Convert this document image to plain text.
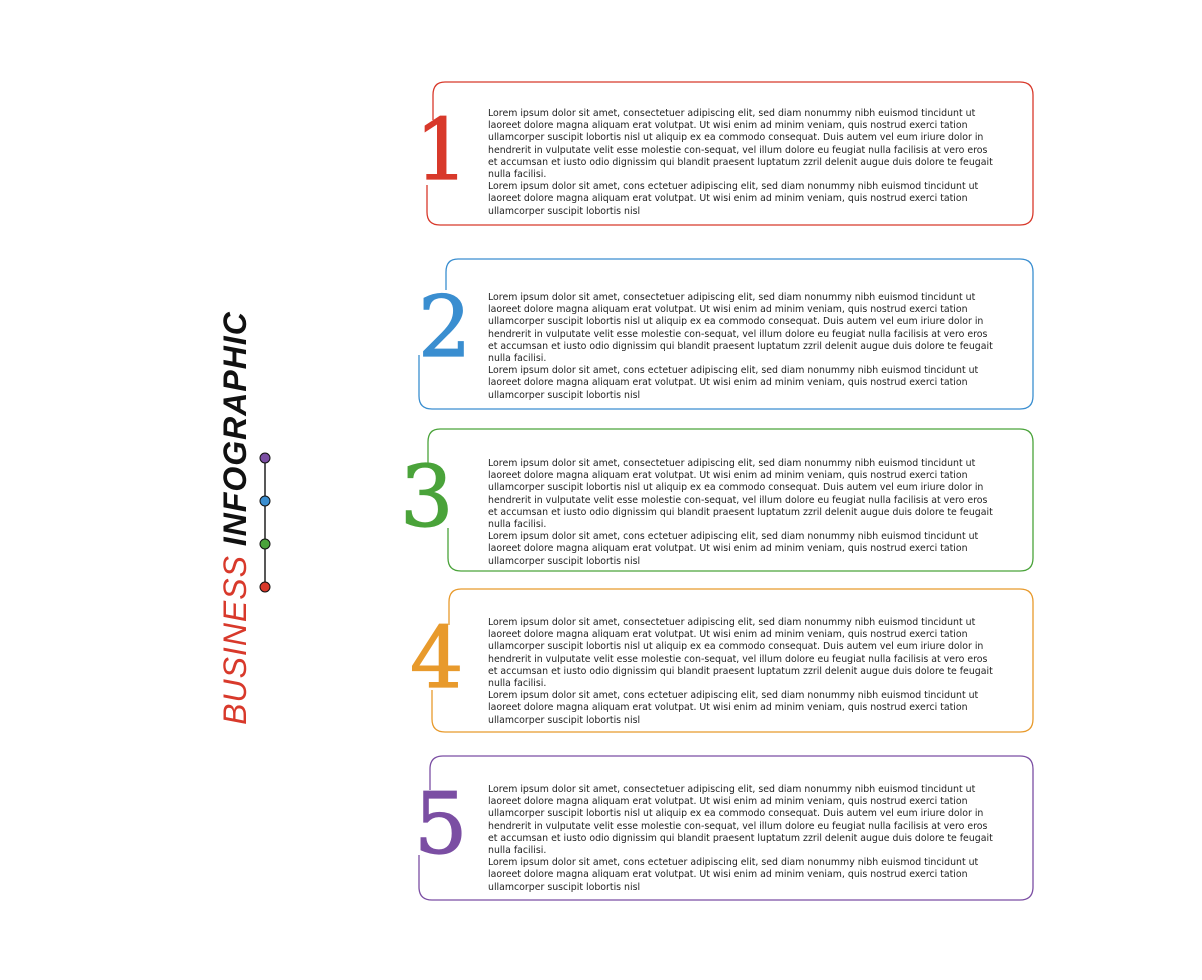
BUSINESS INFOGRAPHIC
1 Lorem ipsum dolor sit amet, consectetuer adipiscing elit, sed diam nonummy nibh euismod tincidunt ut laoreet dolore magna aliquam erat volutpat. Ut wisi enim ad minim veniam, quis nostrud exerci tation ullamcorper suscipit lobortis nisl ut aliquip ex ea commodo consequat. Duis autem vel eum iriure dolor in hendrerit in vulputate velit esse molestie con-sequat, vel illum dolore eu feugiat nulla facilisis at vero eros et accumsan et iusto odio dignissim qui blandit praesent luptatum zzril delenit augue duis dolore te feugait nulla facilisi.

Lorem ipsum dolor sit amet, cons ectetuer adipiscing elit, sed diam nonummy nibh euismod tincidunt ut laoreet dolore magna aliquam erat volutpat. Ut wisi enim ad minim veniam, quis nostrud exerci tation ullamcorper suscipit lobortis nisl

2 Lorem ipsum dolor sit amet, consectetuer adipiscing elit, sed diam nonummy nibh euismod tincidunt ut laoreet dolore magna aliquam erat volutpat. Ut wisi enim ad minim veniam, quis nostrud exerci tation ullamcorper suscipit lobortis nisl ut aliquip ex ea commodo consequat. Duis autem vel eum iriure dolor in hendrerit in vulputate velit esse molestie con-sequat, vel illum dolore eu feugiat nulla facilisis at vero eros et accumsan et iusto odio dignissim qui blandit praesent luptatum zzril delenit augue duis dolore te feugait nulla facilisi.

Lorem ipsum dolor sit amet, cons ectetuer adipiscing elit, sed diam nonummy nibh euismod tincidunt ut laoreet dolore magna aliquam erat volutpat. Ut wisi enim ad minim veniam, quis nostrud exerci tation ullamcorper suscipit lobortis nisl

3	Lorem ipsum dolor sit amet, consectetuer adipiscing elit, sed diam nonummy nibh euismod tincidunt ut laoreet dolore magna aliquam erat volutpat. Ut wisi enim ad minim veniam, quis nostrud exerci tation ullamcorper suscipit lobortis nisl ut aliquip ex ea commodo consequat. Duis autem vel eum iriure dolor in hendrerit in vulputate velit esse molestie con-sequat, vel illum dolore eu feugiat nulla facilisis at vero eros et accumsan et iusto odio dignissim qui blandit praesent luptatum zzril delenit augue duis dolore te feugait nulla facilisi.

Lorem ipsum dolor sit amet, cons ectetuer adipiscing elit, sed diam nonummy nibh euismod tincidunt ut laoreet dolore magna aliquam erat volutpat. Ut wisi enim ad minim veniam, quis nostrud exerci tation ullamcorper suscipit lobortis nisl

4	Lorem ipsum dolor sit amet, consectetuer adipiscing elit, sed diam nonummy nibh euismod tincidunt ut laoreet dolore magna aliquam erat volutpat. Ut wisi enim ad minim veniam, quis nostrud exerci tation ullamcorper suscipit lobortis nisl ut aliquip ex ea commodo consequat. Duis autem vel eum iriure dolor in hendrerit in vulputate velit esse molestie con-sequat, vel illum dolore eu feugiat nulla facilisis at vero eros et accumsan et iusto odio dignissim qui blandit praesent luptatum zzril delenit augue duis dolore te feugait nulla facilisi.

Lorem ipsum dolor sit amet, cons ectetuer adipiscing elit, sed diam nonummy nibh euismod tincidunt ut laoreet dolore magna aliquam erat volutpat. Ut wisi enim ad minim veniam, quis nostrud exerci tation ullamcorper suscipit lobortis nisl

5 Lorem ipsum dolor sit amet, consectetuer adipiscing elit, sed diam nonummy nibh euismod tincidunt ut laoreet dolore magna aliquam erat volutpat. Ut wisi enim ad minim veniam, quis nostrud exerci tation ullamcorper suscipit lobortis nisl ut aliquip ex ea commodo consequat. Duis autem vel eum iriure dolor in hendrerit in vulputate velit esse molestie con-sequat, vel illum dolore eu feugiat nulla facilisis at vero eros et accumsan et iusto odio dignissim qui blandit praesent luptatum zzril delenit augue duis dolore te feugait nulla facilisi.

Lorem ipsum dolor sit amet, cons ectetuer adipiscing elit, sed diam nonummy nibh euismod tincidunt ut laoreet dolore magna aliquam erat volutpat. Ut wisi enim ad minim veniam, quis nostrud exerci tation ullamcorper suscipit lobortis nisl
